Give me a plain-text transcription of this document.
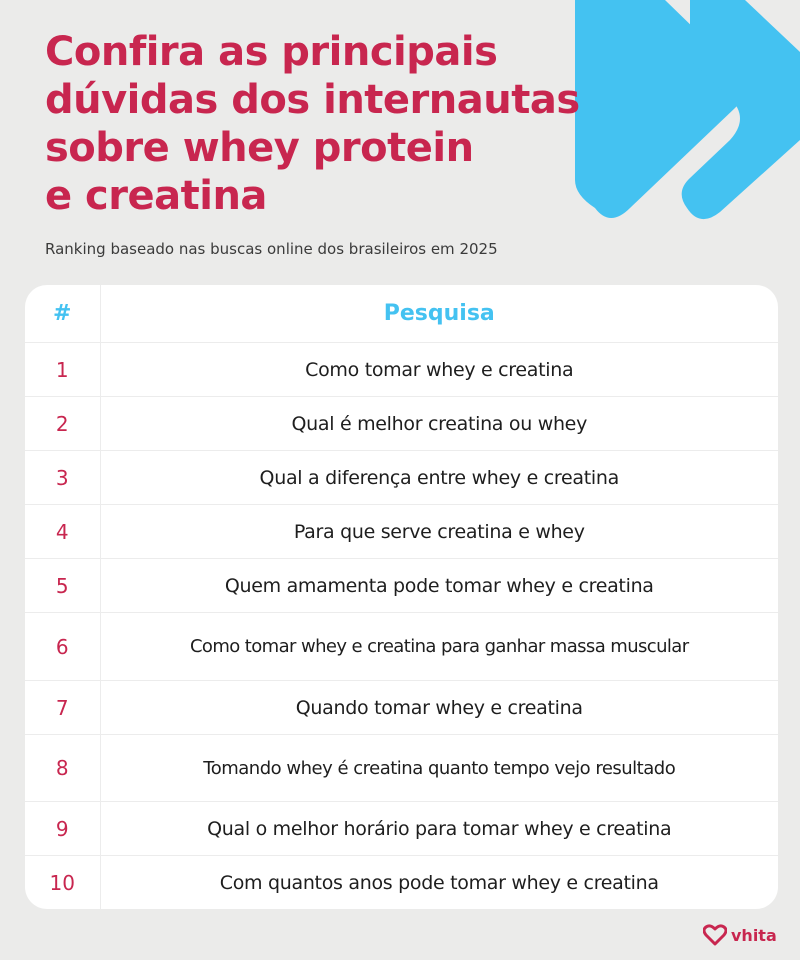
Confira as principais
dúvidas dos internautas
sobre whey protein
e creatina

Ranking baseado nas buscas online dos brasileiros em 2025

#	Pesquisa
1	Como tomar whey e creatina
2	Qual é melhor creatina ou whey
3	Qual a diferença entre whey e creatina
4	Para que serve creatina e whey
5	Quem amamenta pode tomar whey e creatina
6	Como tomar whey e creatina para ganhar massa muscular
7	Quando tomar whey e creatina
8	Tomando whey é creatina quanto tempo vejo resultado
9	Qual o melhor horário para tomar whey e creatina
10	Com quantos anos pode tomar whey e creatina
vhita
